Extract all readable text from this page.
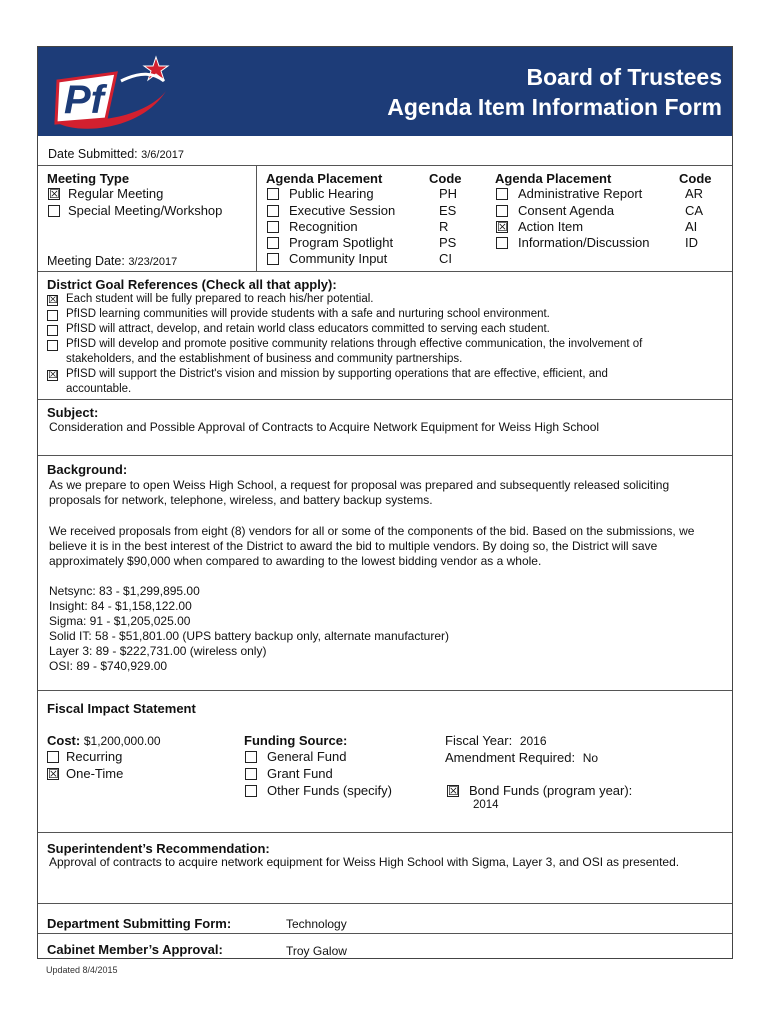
Pf
Board of Trustees
Agenda Item Information Form
Date Submitted: 3/6/2017
Meeting Type
☒ Regular Meeting
Special Meeting/Workshop
Meeting Date: 3/23/2017
Agenda Placement	Code
Public Hearing	PH
Executive Session	ES
Recognition	R
Program Spotlight	PS
Community Input	CI
Agenda Placement	Code
Administrative Report	AR
Consent Agenda	CA
☒ Action Item	AI
Information/Discussion	ID
District Goal References (Check all that apply):
☒ Each student will be fully prepared to reach his/her potential.
PfISD learning communities will provide students with a safe and nurturing school environment.
PfISD will attract, develop, and retain world class educators committed to serving each student.
PfISD will develop and promote positive community relations through effective communication, the involvement of
stakeholders, and the establishment of business and community partnerships.
☒ PfISD will support the District's vision and mission by supporting operations that are effective, efficient, and
accountable.
Subject:
Consideration and Possible Approval of Contracts to Acquire Network Equipment for Weiss High School
Background:
As we prepare to open Weiss High School, a request for proposal was prepared and subsequently released soliciting
proposals for network, telephone, wireless, and battery backup systems.
We received proposals from eight (8) vendors for all or some of the components of the bid. Based on the submissions, we
believe it is in the best interest of the District to award the bid to multiple vendors. By doing so, the District will save
approximately $90,000 when compared to awarding to the lowest bidding vendor as a whole.
Netsync: 83 - $1,299,895.00
Insight: 84 - $1,158,122.00
Sigma: 91 - $1,205,025.00
Solid IT: 58 - $51,801.00 (UPS battery backup only, alternate manufacturer)
Layer 3: 89 - $222,731.00 (wireless only)
OSI: 89 - $740,929.00
Fiscal Impact Statement
Cost: $1,200,000.00
Recurring
☒ One-Time
Funding Source:
General Fund
Grant Fund
Other Funds (specify)
Fiscal Year: 2016
Amendment Required: No
☒ Bond Funds (program year):
2014
Superintendent’s Recommendation:
Approval of contracts to acquire network equipment for Weiss High School with Sigma, Layer 3, and OSI as presented.
Department Submitting Form:	Technology
Cabinet Member’s Approval:	Troy Galow
Updated 8/4/2015
